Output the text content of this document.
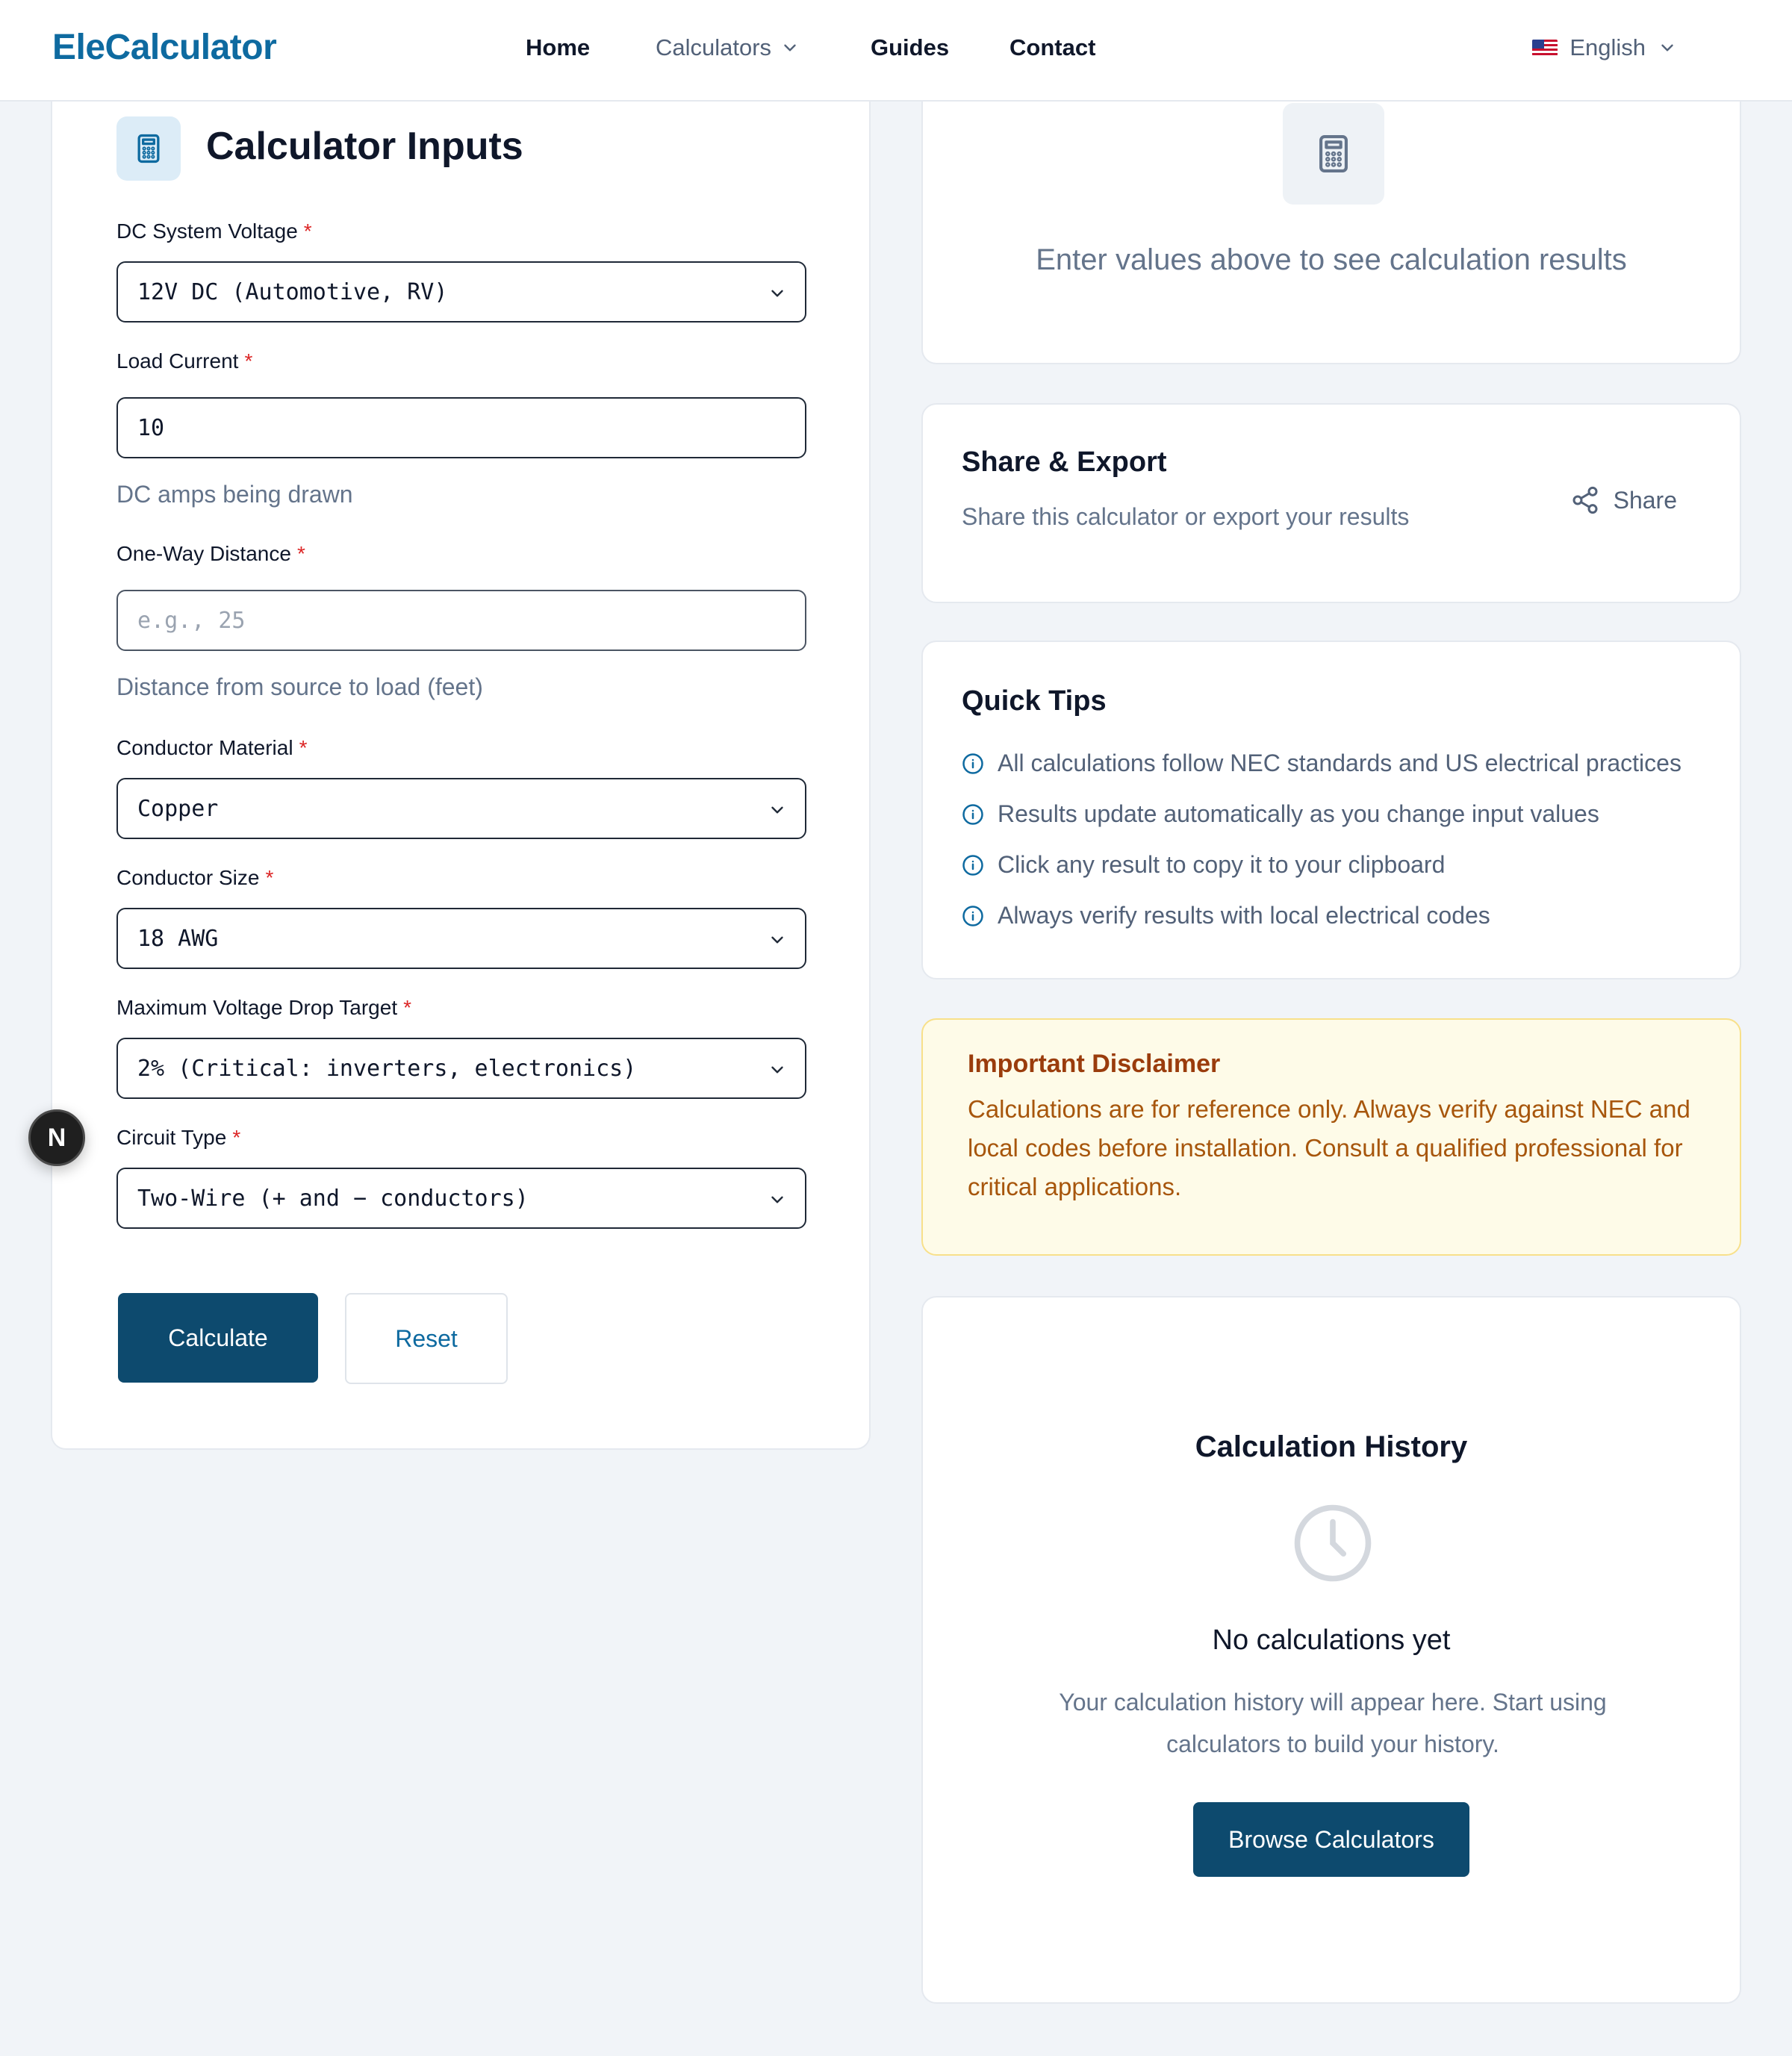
EleCalculator	Home	Calculators	Guides	Contact	English
Calculator Inputs
DC System Voltage *
12V DC (Automotive, RV)
Load Current *
10
DC amps being drawn
One-Way Distance *
e.g., 25
Distance from source to load (feet)
Conductor Material *
Copper
Conductor Size *
18 AWG
Maximum Voltage Drop Target *
2% (Critical: inverters, electronics)
Circuit Type *
Two-Wire (+ and − conductors)
Calculate	Reset
Enter values above to see calculation results
Share & Export
Share this calculator or export your results
Share
Quick Tips
All calculations follow NEC standards and US electrical practices
Results update automatically as you change input values
Click any result to copy it to your clipboard
Always verify results with local electrical codes
Important Disclaimer
Calculations are for reference only. Always verify against NEC and local codes before installation. Consult a qualified professional for critical applications.
Calculation History
No calculations yet
Your calculation history will appear here. Start using calculators to build your history.
Browse Calculators
N
